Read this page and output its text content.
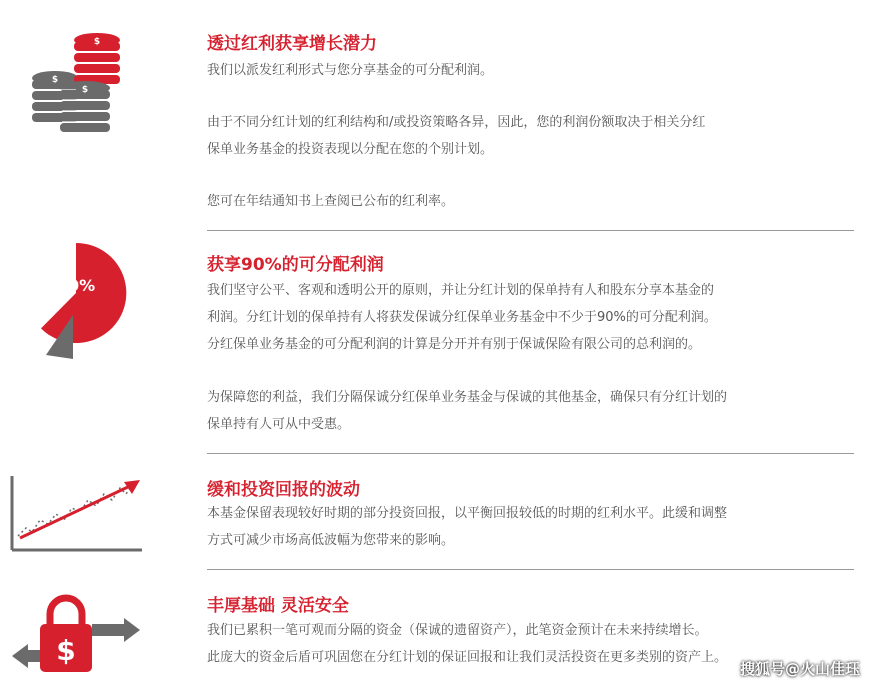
$
$
$
透过红利获享增长潜力

我们以派发红利形式与您分享基金的可分配利润。

由于不同分红计划的红利结构和/或投资策略各异，因此，您的利润份额取决于相关分红
保单业务基金的投资表现以分配在您的个别计划。

您可在年结通知书上查阅已公布的红利率。

90%
获享90%的可分配利润

我们坚守公平、客观和透明公开的原则，并让分红计划的保单持有人和股东分享本基金的
利润。分红计划的保单持有人将获发保诚分红保单业务基金中不少于90%的可分配利润。
分红保单业务基金的可分配利润的计算是分开并有别于保诚保险有限公司的总利润的。

为保障您的利益，我们分隔保诚分红保单业务基金与保诚的其他基金，确保只有分红计划的
保单持有人可从中受惠。

缓和投资回报的波动

本基金保留表现较好时期的部分投资回报，以平衡回报较低的时期的红利水平。此缓和调整
方式可减少市场高低波幅为您带来的影响。

$
丰厚基础 灵活安全

我们已累积一笔可观而分隔的资金（保诚的遗留资产），此笔资金预计在未来持续增长。
此庞大的资金后盾可巩固您在分红计划的保证回报和让我们灵活投资在更多类别的资产上。

搜狐号@火山佳珏
